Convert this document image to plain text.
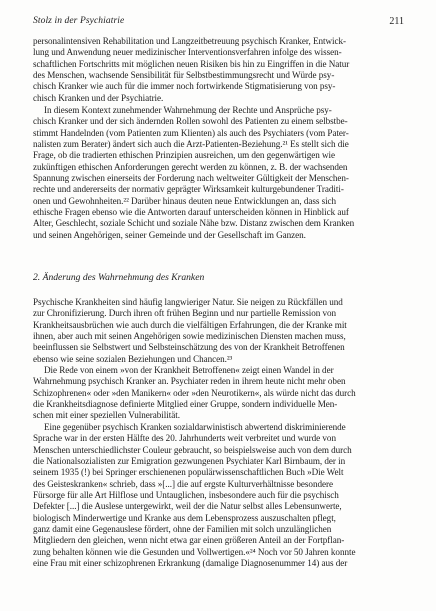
Stolz in der Psychiatrie	211
personalintensiven Rehabilitation und Langzeitbetreuung psychisch Kranker, Entwick-
lung und Anwendung neuer medizinischer Interventionsverfahren infolge des wissen-
schaftlichen Fortschritts mit möglichen neuen Risiken bis hin zu Eingriffen in die Natur
des Menschen, wachsende Sensibilität für Selbstbestimmungsrecht und Würde psy-
chisch Kranker wie auch für die immer noch fortwirkende Stigmatisierung von psy-
chisch Kranken und der Psychiatrie.
In diesem Kontext zunehmender Wahrnehmung der Rechte und Ansprüche psy-
chisch Kranker und der sich ändernden Rollen sowohl des Patienten zu einem selbstbe-
stimmt Handelnden (vom Patienten zum Klienten) als auch des Psychiaters (vom Pater-
nalisten zum Berater) ändert sich auch die Arzt-Patienten-Beziehung.²¹ Es stellt sich die
Frage, ob die tradierten ethischen Prinzipien ausreichen, um den gegenwärtigen wie
zukünftigen ethischen Anforderungen gerecht werden zu können, z. B. der wachsenden
Spannung zwischen einerseits der Forderung nach weltweiter Gültigkeit der Menschen-
rechte und andererseits der normativ geprägter Wirksamkeit kulturgebundener Traditi-
onen und Gewohnheiten.²² Darüber hinaus deuten neue Entwicklungen an, dass sich
ethische Fragen ebenso wie die Antworten darauf unterscheiden können in Hinblick auf
Alter, Geschlecht, soziale Schicht und soziale Nähe bzw. Distanz zwischen dem Kranken
und seinen Angehörigen, seiner Gemeinde und der Gesellschaft im Ganzen.
2. Änderung des Wahrnehmung des Kranken
Psychische Krankheiten sind häufig langwieriger Natur. Sie neigen zu Rückfällen und
zur Chronifizierung. Durch ihren oft frühen Beginn und nur partielle Remission von
Krankheitsausbrüchen wie auch durch die vielfältigen Erfahrungen, die der Kranke mit
ihnen, aber auch mit seinen Angehörigen sowie medizinischen Diensten machen muss,
beeinflussen sie Selbstwert und Selbsteinschätzung des von der Krankheit Betroffenen
ebenso wie seine sozialen Beziehungen und Chancen.²³
Die Rede von einem »von der Krankheit Betroffenen« zeigt einen Wandel in der
Wahrnehmung psychisch Kranker an. Psychiater reden in ihrem heute nicht mehr oben
Schizophrenen« oder »den Manikern« oder »den Neurotikern«, als würde nicht das durch
die Krankheitsdiagnose definierte Mitglied einer Gruppe, sondern individuelle Men-
schen mit einer speziellen Vulnerabilität.
Eine gegenüber psychisch Kranken sozialdarwinistisch abwertend diskriminierende
Sprache war in der ersten Hälfte des 20. Jahrhunderts weit verbreitet und wurde von
Menschen unterschiedlichster Couleur gebraucht, so beispielsweise auch von dem durch
die Nationalsozialisten zur Emigration gezwungenen Psychiater Karl Birnbaum, der in
seinem 1935 (!) bei Springer erschienenen populärwissenschaftlichen Buch »Die Welt
des Geisteskranken« schrieb, dass »[...] die auf ergste Kulturverhältnisse besondere
Fürsorge für alle Art Hilflose und Untauglichen, insbesondere auch für die psychisch
Defekter [...] die Auslese untergewirkt, weil der die Natur selbst alles Lebensunwerte,
biologisch Minderwertige und Kranke aus dem Lebensprozess auszuschalten pflegt,
ganz damit eine Gegenauslese fördert, ohne der Familien mit solch unzulänglichen
Mitgliedern den gleichen, wenn nicht etwa gar einen größeren Anteil an der Fortpflan-
zung behalten können wie die Gesunden und Vollwertigen.«²⁴ Noch vor 50 Jahren konnte
eine Frau mit einer schizophrenen Erkrankung (damalige Diagnosenummer 14) aus der
